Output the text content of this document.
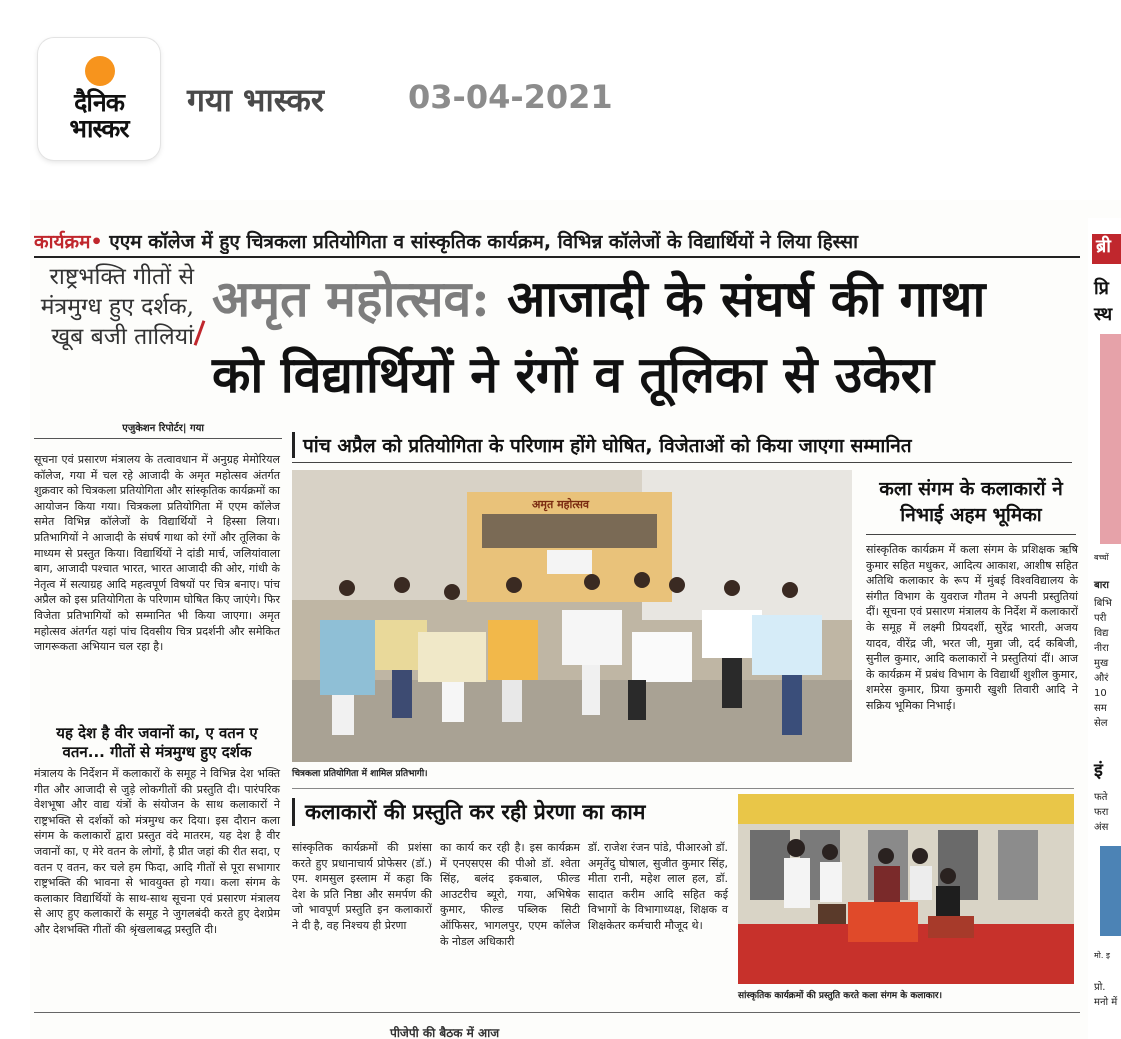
दैनिक भास्कर
गया भास्कर	03-04-2021
कार्यक्रम• एएम कॉलेज में हुए चित्रकला प्रतियोगिता व सांस्कृतिक कार्यक्रम, विभिन्न कॉलेजों के विद्यार्थियों ने लिया हिस्सा
राष्ट्रभक्ति गीतों से मंत्रमुग्ध हुए दर्शक, खूब बजी तालियां
अमृत महोत्सव: आजादी के संघर्ष की गाथा
को विद्यार्थियों ने रंगों व तूलिका से उकेरा
एजुकेशन रिपोर्टर| गया
पांच अप्रैल को प्रतियोगिता के परिणाम होंगे घोषित, विजेताओं को किया जाएगा सम्मानित
सूचना एवं प्रसारण मंत्रालय के तत्वावधान में अनुग्रह मेमोरियल कॉलेज, गया में चल रहे आजादी के अमृत महोत्सव अंतर्गत शुक्रवार को चित्रकला प्रतियोगिता और सांस्कृतिक कार्यक्रमों का आयोजन किया गया। चित्रकला प्रतियोगिता में एएम कॉलेज समेत विभिन्न कॉलेजों के विद्यार्थियों ने हिस्सा लिया। प्रतिभागियों ने आजादी के संघर्ष गाथा को रंगों और तूलिका के माध्यम से प्रस्तुत किया। विद्यार्थियों ने दांडी मार्च, जलियांवाला बाग, आजादी पश्चात भारत, भारत आजादी की ओर, गांधी के नेतृत्व में सत्याग्रह आदि महत्वपूर्ण विषयों पर चित्र बनाए। पांच अप्रैल को इस प्रतियोगिता के परिणाम घोषित किए जाएंगे। फिर विजेता प्रतिभागियों को सम्मानित भी किया जाएगा। अमृत महोत्सव अंतर्गत यहां पांच दिवसीय चित्र प्रदर्शनी और समेकित जागरूकता अभियान चल रहा है।
यह देश है वीर जवानों का, ए वतन ए वतन... गीतों से मंत्रमुग्ध हुए दर्शक
मंत्रालय के निर्देशन में कलाकारों के समूह ने विभिन्न देश भक्ति गीत और आजादी से जुड़े लोकगीतों की प्रस्तुति दी। पारंपरिक वेशभूषा और वाद्य यंत्रों के संयोजन के साथ कलाकारों ने राष्ट्रभक्ति से दर्शकों को मंत्रमुग्ध कर दिया। इस दौरान कला संगम के कलाकारों द्वारा प्रस्तुत वंदे मातरम, यह देश है वीर जवानों का, ए मेरे वतन के लोगों, है प्रीत जहां की रीत सदा, ए वतन ए वतन, कर चले हम फिदा, आदि गीतों से पूरा सभागार राष्ट्रभक्ति की भावना से भावयुक्त हो गया। कला संगम के कलाकार विद्यार्थियों के साथ-साथ सूचना एवं प्रसारण मंत्रालय से आए हुए कलाकारों के समूह ने जुगलबंदी करते हुए देशप्रेम और देशभक्ति गीतों की श्रृंखलाबद्ध प्रस्तुति दी।
अमृत महोत्सव
चित्रकला प्रतियोगिता में शामिल प्रतिभागी।
कला संगम के कलाकारों ने निभाई अहम भूमिका
सांस्कृतिक कार्यक्रम में कला संगम के प्रशिक्षक ऋषि कुमार सहित मधुकर, आदित्य आकाश, आशीष सहित अतिथि कलाकार के रूप में मुंबई विश्वविद्यालय के संगीत विभाग के युवराज गौतम ने अपनी प्रस्तुतियां दीं। सूचना एवं प्रसारण मंत्रालय के निर्देश में कलाकारों के समूह में लक्ष्मी प्रियदर्शी, सुरेंद्र भारती, अजय यादव, वीरेंद्र जी, भरत जी, मुन्ना जी, दर्द कबिजी, सुनील कुमार, आदि कलाकारों ने प्रस्तुतियां दीं। आज के कार्यक्रम में प्रबंध विभाग के विद्यार्थी शुशील कुमार, शमरेस कुमार, प्रिया कुमारी खुशी तिवारी आदि ने सक्रिय भूमिका निभाई।
कलाकारों की प्रस्तुति कर रही प्रेरणा का काम
सांस्कृतिक कार्यक्रमों की प्रशंसा करते हुए प्रधानाचार्य प्रोफेसर (डॉ.) एम. शमसुल इस्लाम में कहा कि देश के प्रति निष्ठा और समर्पण की जो भावपूर्ण प्रस्तुति इन कलाकारों ने दी है, वह निश्चय ही प्रेरणा
का कार्य कर रही है। इस कार्यक्रम में एनएसएस की पीओ डॉ. श्वेता सिंह, बलंद इकबाल, फील्ड आउटरीच ब्यूरो, गया, अभिषेक कुमार, फील्ड पब्लिक सिटी ऑफिसर, भागलपुर, एएम कॉलेज के नोडल अधिकारी
डॉ. राजेश रंजन पांडे, पीआरओ डॉ. अमृतेंदु घोषाल, सुजीत कुमार सिंह, मीता रानी, महेश लाल हल, डॉ. सादात करीम आदि सहित कई विभागों के विभागाध्यक्ष, शिक्षक व शिक्षकेतर कर्मचारी मौजूद थे।
सांस्कृतिक कार्यक्रमों की प्रस्तुति करते कला संगम के कलाकार।
पीजेपी की बैठक में आज
ब्री
प्रि
स्थ
बच्चों
बारा
बिभि परी विद्य नीरा मुख औरं 10 सम सेल
इं
फते फरा अंस
मो. इ
प्रो. मनो में
